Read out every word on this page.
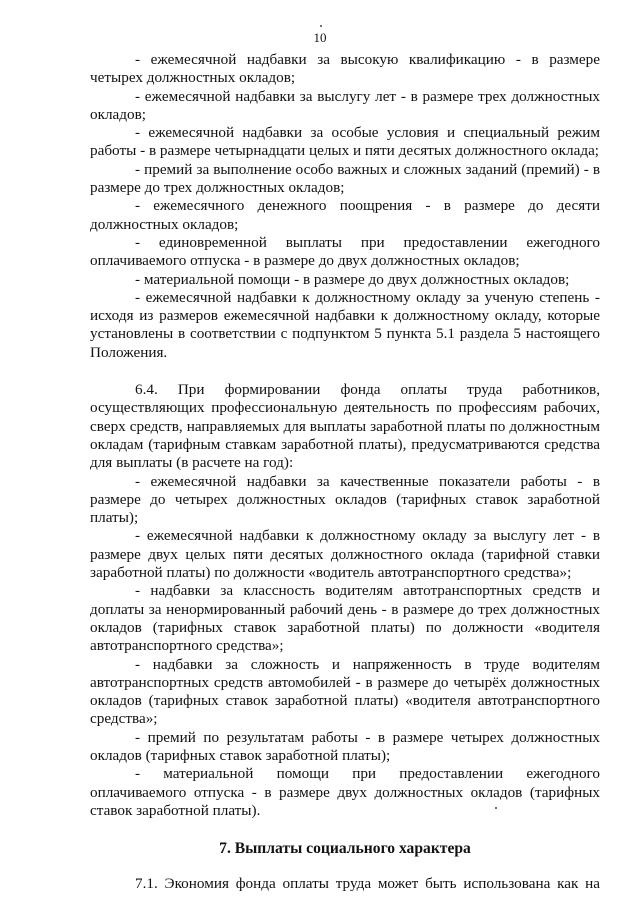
10

- ежемесячной надбавки за высокую квалификацию - в размере четырех должностных окладов;

- ежемесячной надбавки за выслугу лет - в размере трех должностных окладов;

- ежемесячной надбавки за особые условия и специальный режим работы - в размере четырнадцати целых и пяти десятых должностного оклада;

- премий за выполнение особо важных и сложных заданий (премий) - в размере до трех должностных окладов;

- ежемесячного денежного поощрения - в размере до десяти должностных окладов;

- единовременной выплаты при предоставлении ежегодного оплачиваемого отпуска - в размере до двух должностных окладов;

- материальной помощи - в размере до двух должностных окладов;

- ежемесячной надбавки к должностному окладу за ученую степень - исходя из размеров ежемесячной надбавки к должностному окладу, которые установлены в соответствии с подпунктом 5 пункта 5.1 раздела 5 настоящего Положения.

6.4. При формировании фонда оплаты труда работников, осуществляющих профессиональную деятельность по профессиям рабочих, сверх средств, направляемых для выплаты заработной платы по должностным окладам (тарифным ставкам заработной платы), предусматриваются средства для выплаты (в расчете на год):

- ежемесячной надбавки за качественные показатели работы - в размере до четырех должностных окладов (тарифных ставок заработной платы);

- ежемесячной надбавки к должностному окладу за выслугу лет - в размере двух целых пяти десятых должностного оклада (тарифной ставки заработной платы) по должности «водитель автотранспортного средства»;

- надбавки за классность водителям автотранспортных средств и доплаты за ненормированный рабочий день - в размере до трех должностных окладов (тарифных ставок заработной платы) по должности «водителя автотранспортного средства»;

- надбавки за сложность и напряженность в труде водителям автотранспортных средств автомобилей - в размере до четырёх должностных окладов (тарифных ставок заработной платы) «водителя автотранспортного средства»;

- премий по результатам работы - в размере четырех должностных окладов (тарифных ставок заработной платы);

- материальной помощи при предоставлении ежегодного оплачиваемого отпуска - в размере двух должностных окладов (тарифных ставок заработной платы).

7. Выплаты социального характера

7.1. Экономия фонда оплаты труда может быть использована как на
